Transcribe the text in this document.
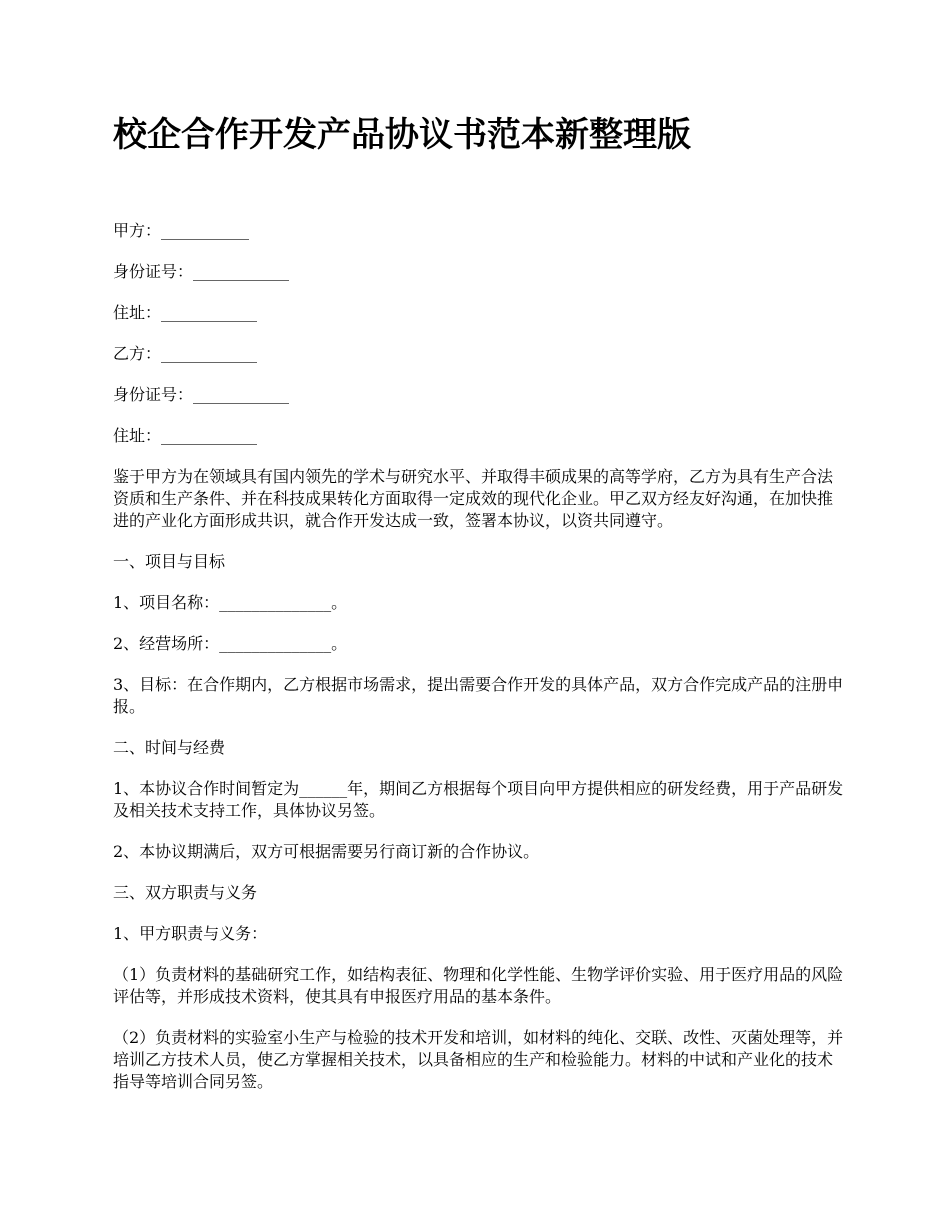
校企合作开发产品协议书范本新整理版

甲方：___________

身份证号：____________

住址：____________

乙方：____________

身份证号：____________

住址：____________

鉴于甲方为在领域具有国内领先的学术与研究水平、并取得丰硕成果的高等学府，乙方为具有生产合法资质和生产条件、并在科技成果转化方面取得一定成效的现代化企业。甲乙双方经友好沟通，在加快推进的产业化方面形成共识，就合作开发达成一致，签署本协议，以资共同遵守。

一、项目与目标

1、项目名称：______________。

2、经营场所：______________。

3、目标：在合作期内，乙方根据市场需求，提出需要合作开发的具体产品，双方合作完成产品的注册申报。

二、时间与经费

1、本协议合作时间暂定为______年，期间乙方根据每个项目向甲方提供相应的研发经费，用于产品研发及相关技术支持工作，具体协议另签。

2、本协议期满后，双方可根据需要另行商订新的合作协议。

三、双方职责与义务

1、甲方职责与义务：

（1）负责材料的基础研究工作，如结构表征、物理和化学性能、生物学评价实验、用于医疗用品的风险评估等，并形成技术资料，使其具有申报医疗用品的基本条件。

（2）负责材料的实验室小生产与检验的技术开发和培训，如材料的纯化、交联、改性、灭菌处理等，并培训乙方技术人员，使乙方掌握相关技术，以具备相应的生产和检验能力。材料的中试和产业化的技术指导等培训合同另签。
